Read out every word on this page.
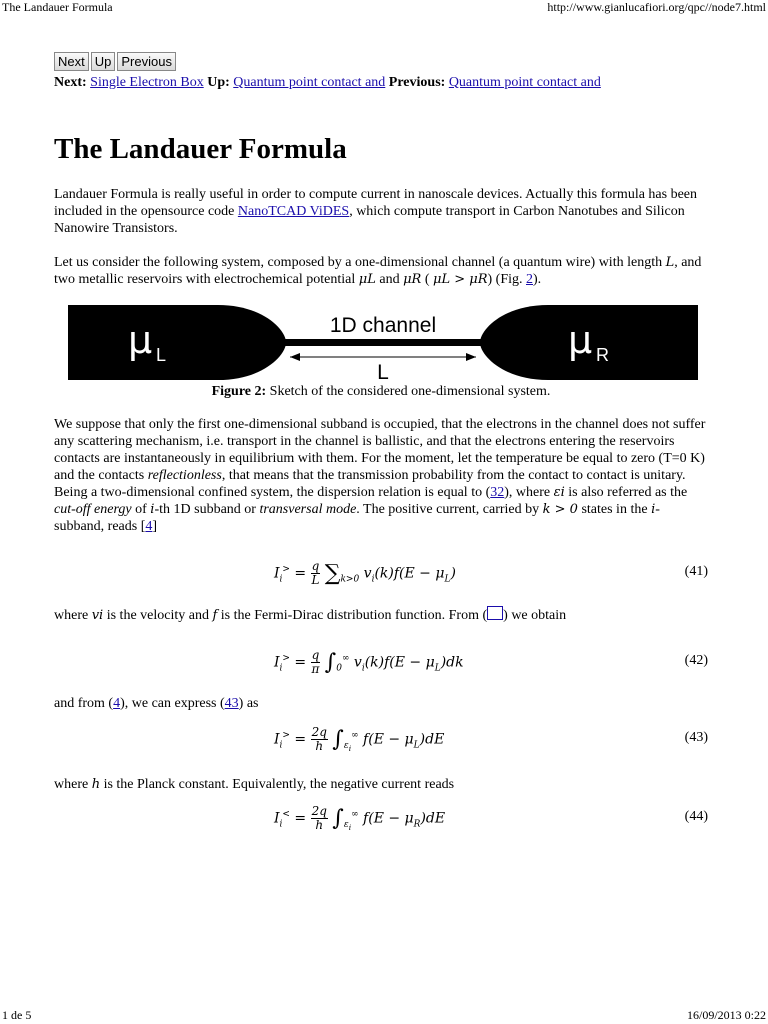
The Landauer Formula	http://www.gianlucafiori.org/qpc//node7.html
Next Up Previous
Next: Single Electron Box Up: Quantum point contact and Previous: Quantum point contact and
The Landauer Formula

Landauer Formula is really useful in order to compute current in nanoscale devices. Actually this formula has been included in the opensource code NanoTCAD ViDES, which compute transport in Carbon Nanotubes and Silicon Nanowire Transistors.

Let us consider the following system, composed by a one-dimensional channel (a quantum wire) with length L, and two metallic reservoirs with electrochemical potential μL and μR ( μL > μR) (Fig. 2).

1D channel
L
μ L	μ R
Figure 2: Sketch of the considered one-dimensional system.

We suppose that only the first one-dimensional subband is occupied, that the electrons in the channel does not suffer any scattering mechanism, i.e. transport in the channel is ballistic, and that the electrons entering the reservoirs contacts are instantaneously in equilibrium with them. For the moment, let the temperature be equal to zero (T=0 K) and the contacts reflectionless, that means that the transmission probability from the contact to contact is unitary. Being a two-dimensional confined system, the dispersion relation is equal to (32), where εi is also referred as the cut-off energy of i-th 1D subband or transversal mode. The positive current, carried by k > 0 states in the i-subband, reads [4]

$I_i^> = \frac{q}{L} \sum_{k>0}$ $v_i(k)f(E - \mu_L)$	(41)

where vi is the velocity and f is the Fermi-Dirac distribution function. From ( ) we obtain

$I_i^> = \frac{q}{\pi} \int_0^\infty$ $v_i(k)f(E - \mu_L)dk$	(42)

and from (4), we can express (43) as

$I_i^> = \frac{2q}{h} \int_{\varepsilon_i}^\infty$ $f(E - \mu_L)dE$	(43)

where h is the Planck constant. Equivalently, the negative current reads

$I_i^< = \frac{2q}{h} \int_{\varepsilon_i}^\infty$ $f(E - \mu_R)dE$	(44)
1 de 5	16/09/2013 0:22
